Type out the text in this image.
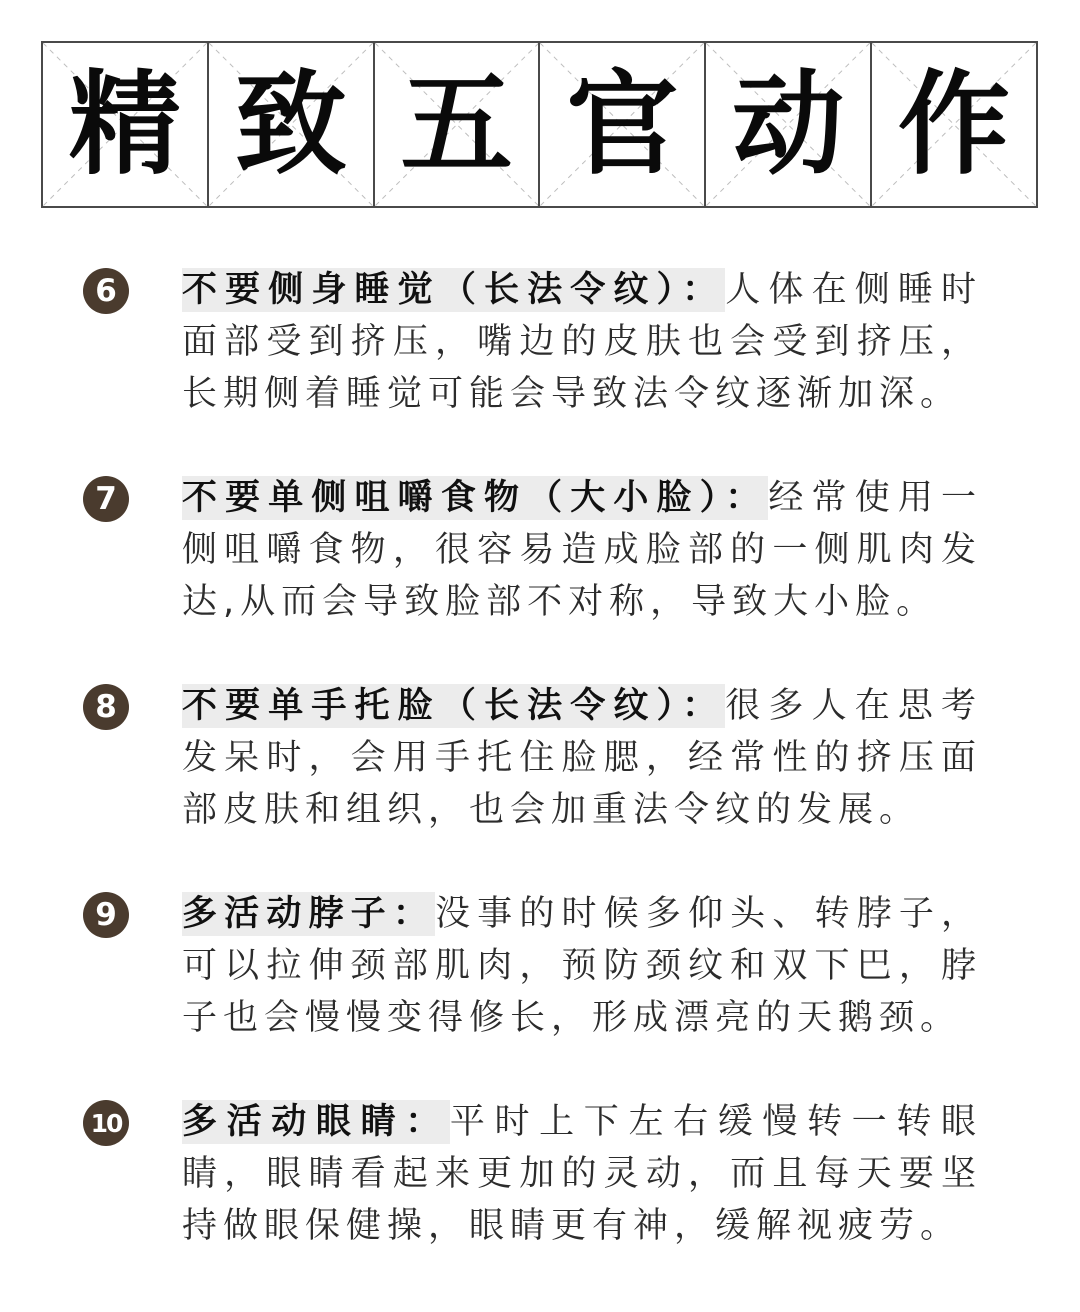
精 致 五 官 动 作
6	不要侧身睡觉（长法令纹）：人体在侧睡时面部受到挤压，嘴边的皮肤也会受到挤压，长期侧着睡觉可能会导致法令纹逐渐加深。
7	不要单侧咀嚼食物（大小脸）：经常使用一侧咀嚼食物，很容易造成脸部的一侧肌肉发达,从而会导致脸部不对称，导致大小脸。
8	不要单手托脸（长法令纹）：很多人在思考发呆时，会用手托住脸腮，经常性的挤压面部皮肤和组织，也会加重法令纹的发展。
9	多活动脖子：没事的时候多仰头、转脖子，可以拉伸颈部肌肉，预防颈纹和双下巴，脖子也会慢慢变得修长，形成漂亮的天鹅颈。
10 多活动眼睛：平时上下左右缓慢转一转眼睛，眼睛看起来更加的灵动，而且每天要坚持做眼保健操，眼睛更有神，缓解视疲劳。
